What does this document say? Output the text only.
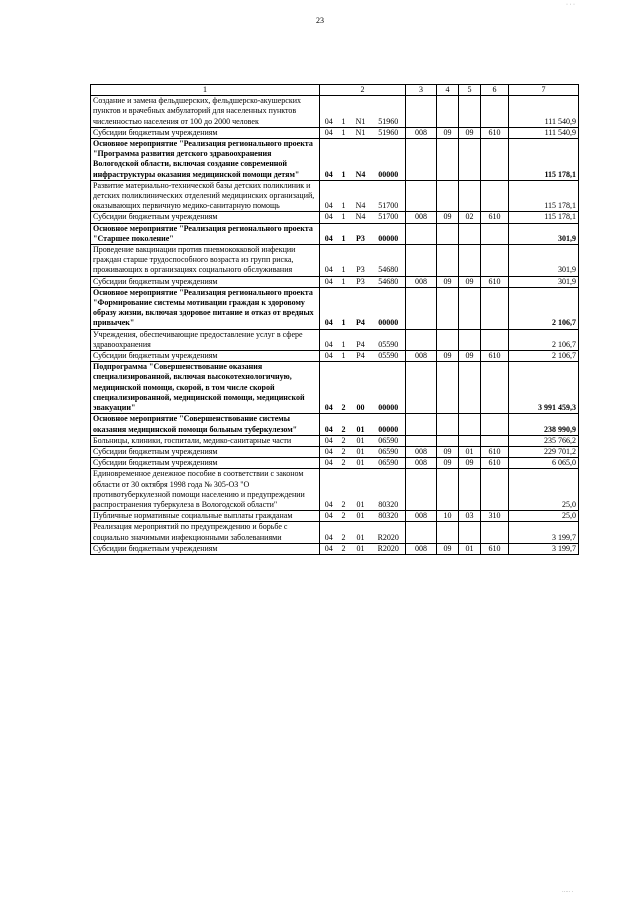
· · ·
23
1	2				3	4	5	6	7
Создание и замена фельдшерских, фельдшерско-акушерских пунктов и врачебных амбулаторий для населенных пунктов численностью населения от 100 до 2000 человек	04	1	N1	51960					111 540,9
Субсидии бюджетным учреждениям	04	1	N1	51960	008	09	09	610	111 540,9
Основное мероприятие "Реализация регионального проекта "Программа развития детского здравоохранения Вологодской области, включая создание современной инфраструктуры оказания медицинской помощи детям"	04	1	N4	00000					115 178,1
Развитие материально-технической базы детских поликлиник и детских поликлинических отделений медицинских организаций, оказывающих первичную медико-санитарную помощь	04	1	N4	51700					115 178,1
Субсидии бюджетным учреждениям	04	1	N4	51700	008	09	02	610	115 178,1
Основное мероприятие "Реализация регионального проекта "Старшее поколение"	04	1	P3	00000					301,9
Проведение вакцинации против пневмококковой инфекции граждан старше трудоспособного возраста из групп риска, проживающих в организациях социального обслуживания	04	1	P3	54680					301,9
Субсидии бюджетным учреждениям	04	1	P3	54680	008	09	09	610	301,9
Основное мероприятие "Реализация регионального проекта "Формирование системы мотивации граждан к здоровому образу жизни, включая здоровое питание и отказ от вредных привычек"	04	1	P4	00000					2 106,7
Учреждения, обеспечивающие предоставление услуг в сфере здравоохранения	04	1	P4	05590					2 106,7
Субсидии бюджетным учреждениям	04	1	P4	05590	008	09	09	610	2 106,7
Подпрограмма "Совершенствование оказания специализированной, включая высокотехнологичную, медицинской помощи, скорой, в том числе скорой специализированной, медицинской помощи, медицинской эвакуации"	04	2	00	00000					3 991 459,3
Основное мероприятие "Совершенствование системы оказания медицинской помощи больным туберкулезом"	04	2	01	00000					238 990,9
Больницы, клиники, госпитали, медико-санитарные части	04	2	01	06590					235 766,2
Субсидии бюджетным учреждениям	04	2	01	06590	008	09	01	610	229 701,2
Субсидии бюджетным учреждениям	04	2	01	06590	008	09	09	610	6 065,0
Единовременное денежное пособие в соответствии с законом области от 30 октября 1998 года № 305-ОЗ "О противотуберкулезной помощи населению и предупреждении распространения туберкулеза в Вологодской области"	04	2	01	80320					25,0
Публичные нормативные социальные выплаты гражданам	04	2	01	80320	008	10	03	310	25,0
Реализация мероприятий по предупреждению и борьбе с социально значимыми инфекционными заболеваниями	04	2	01	R2020					3 199,7
Субсидии бюджетным учреждениям	04	2	01	R2020	008	09	01	610	3 199,7
····· ·
